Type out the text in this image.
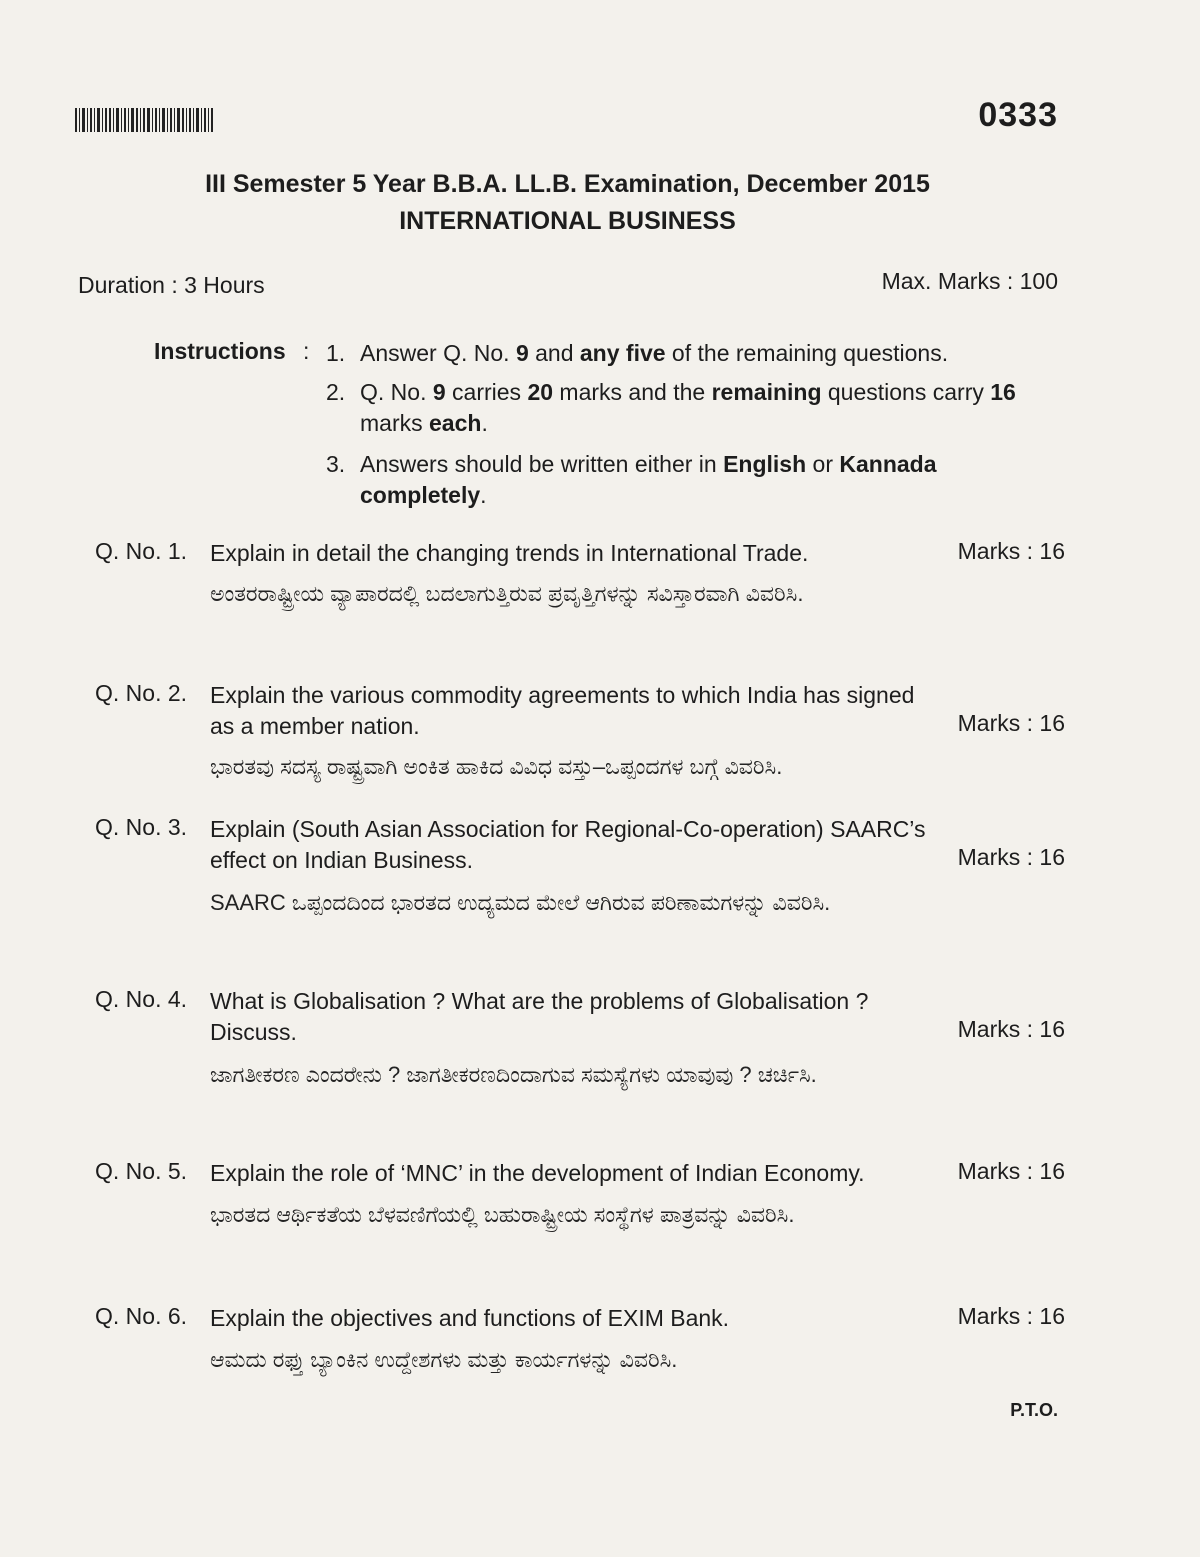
0333
III Semester 5 Year B.B.A. LL.B. Examination, December 2015
INTERNATIONAL BUSINESS
Duration : 3 Hours	Max. Marks : 100
Instructions : 1. Answer Q. No. 9 and any five of the remaining questions.
2. Q. No. 9 carries 20 marks and the remaining questions carry 16 marks each.
3. Answers should be written either in English or Kannada completely.
Q. No. 1. Explain in detail the changing trends in International Trade.	Marks : 16
ಅಂತರರಾಷ್ಟ್ರೀಯ ವ್ಯಾಪಾರದಲ್ಲಿ ಬದಲಾಗುತ್ತಿರುವ ಪ್ರವೃತ್ತಿಗಳನ್ನು ಸವಿಸ್ತಾರವಾಗಿ ವಿವರಿಸಿ.
Q. No. 2. Explain the various commodity agreements to which India has signed as a member nation.	Marks : 16
ಭಾರತವು ಸದಸ್ಯ ರಾಷ್ಟ್ರವಾಗಿ ಅಂಕಿತ ಹಾಕಿದ ವಿವಿಧ ವಸ್ತು–ಒಪ್ಪಂದಗಳ ಬಗ್ಗೆ ವಿವರಿಸಿ.
Q. No. 3. Explain (South Asian Association for Regional-Co-operation) SAARC’s effect on Indian Business.	Marks : 16
SAARC ಒಪ್ಪಂದದಿಂದ ಭಾರತದ ಉದ್ಯಮದ ಮೇಲೆ ಆಗಿರುವ ಪರಿಣಾಮಗಳನ್ನು ವಿವರಿಸಿ.
Q. No. 4. What is Globalisation ? What are the problems of Globalisation ? Discuss.	Marks : 16
ಜಾಗತೀಕರಣ ಎಂದರೇನು ? ಜಾಗತೀಕರಣದಿಂದಾಗುವ ಸಮಸ್ಯೆಗಳು ಯಾವುವು ? ಚರ್ಚಿಸಿ.
Q. No. 5. Explain the role of ‘MNC’ in the development of Indian Economy.	Marks : 16
ಭಾರತದ ಆರ್ಥಿಕತೆಯ ಬೆಳವಣಿಗೆಯಲ್ಲಿ ಬಹುರಾಷ್ಟ್ರೀಯ ಸಂಸ್ಥೆಗಳ ಪಾತ್ರವನ್ನು ವಿವರಿಸಿ.
Q. No. 6. Explain the objectives and functions of EXIM Bank.	Marks : 16
ಆಮದು ರಫ್ತು ಬ್ಯಾಂಕಿನ ಉದ್ದೇಶಗಳು ಮತ್ತು ಕಾರ್ಯಗಳನ್ನು ವಿವರಿಸಿ.
P.T.O.
